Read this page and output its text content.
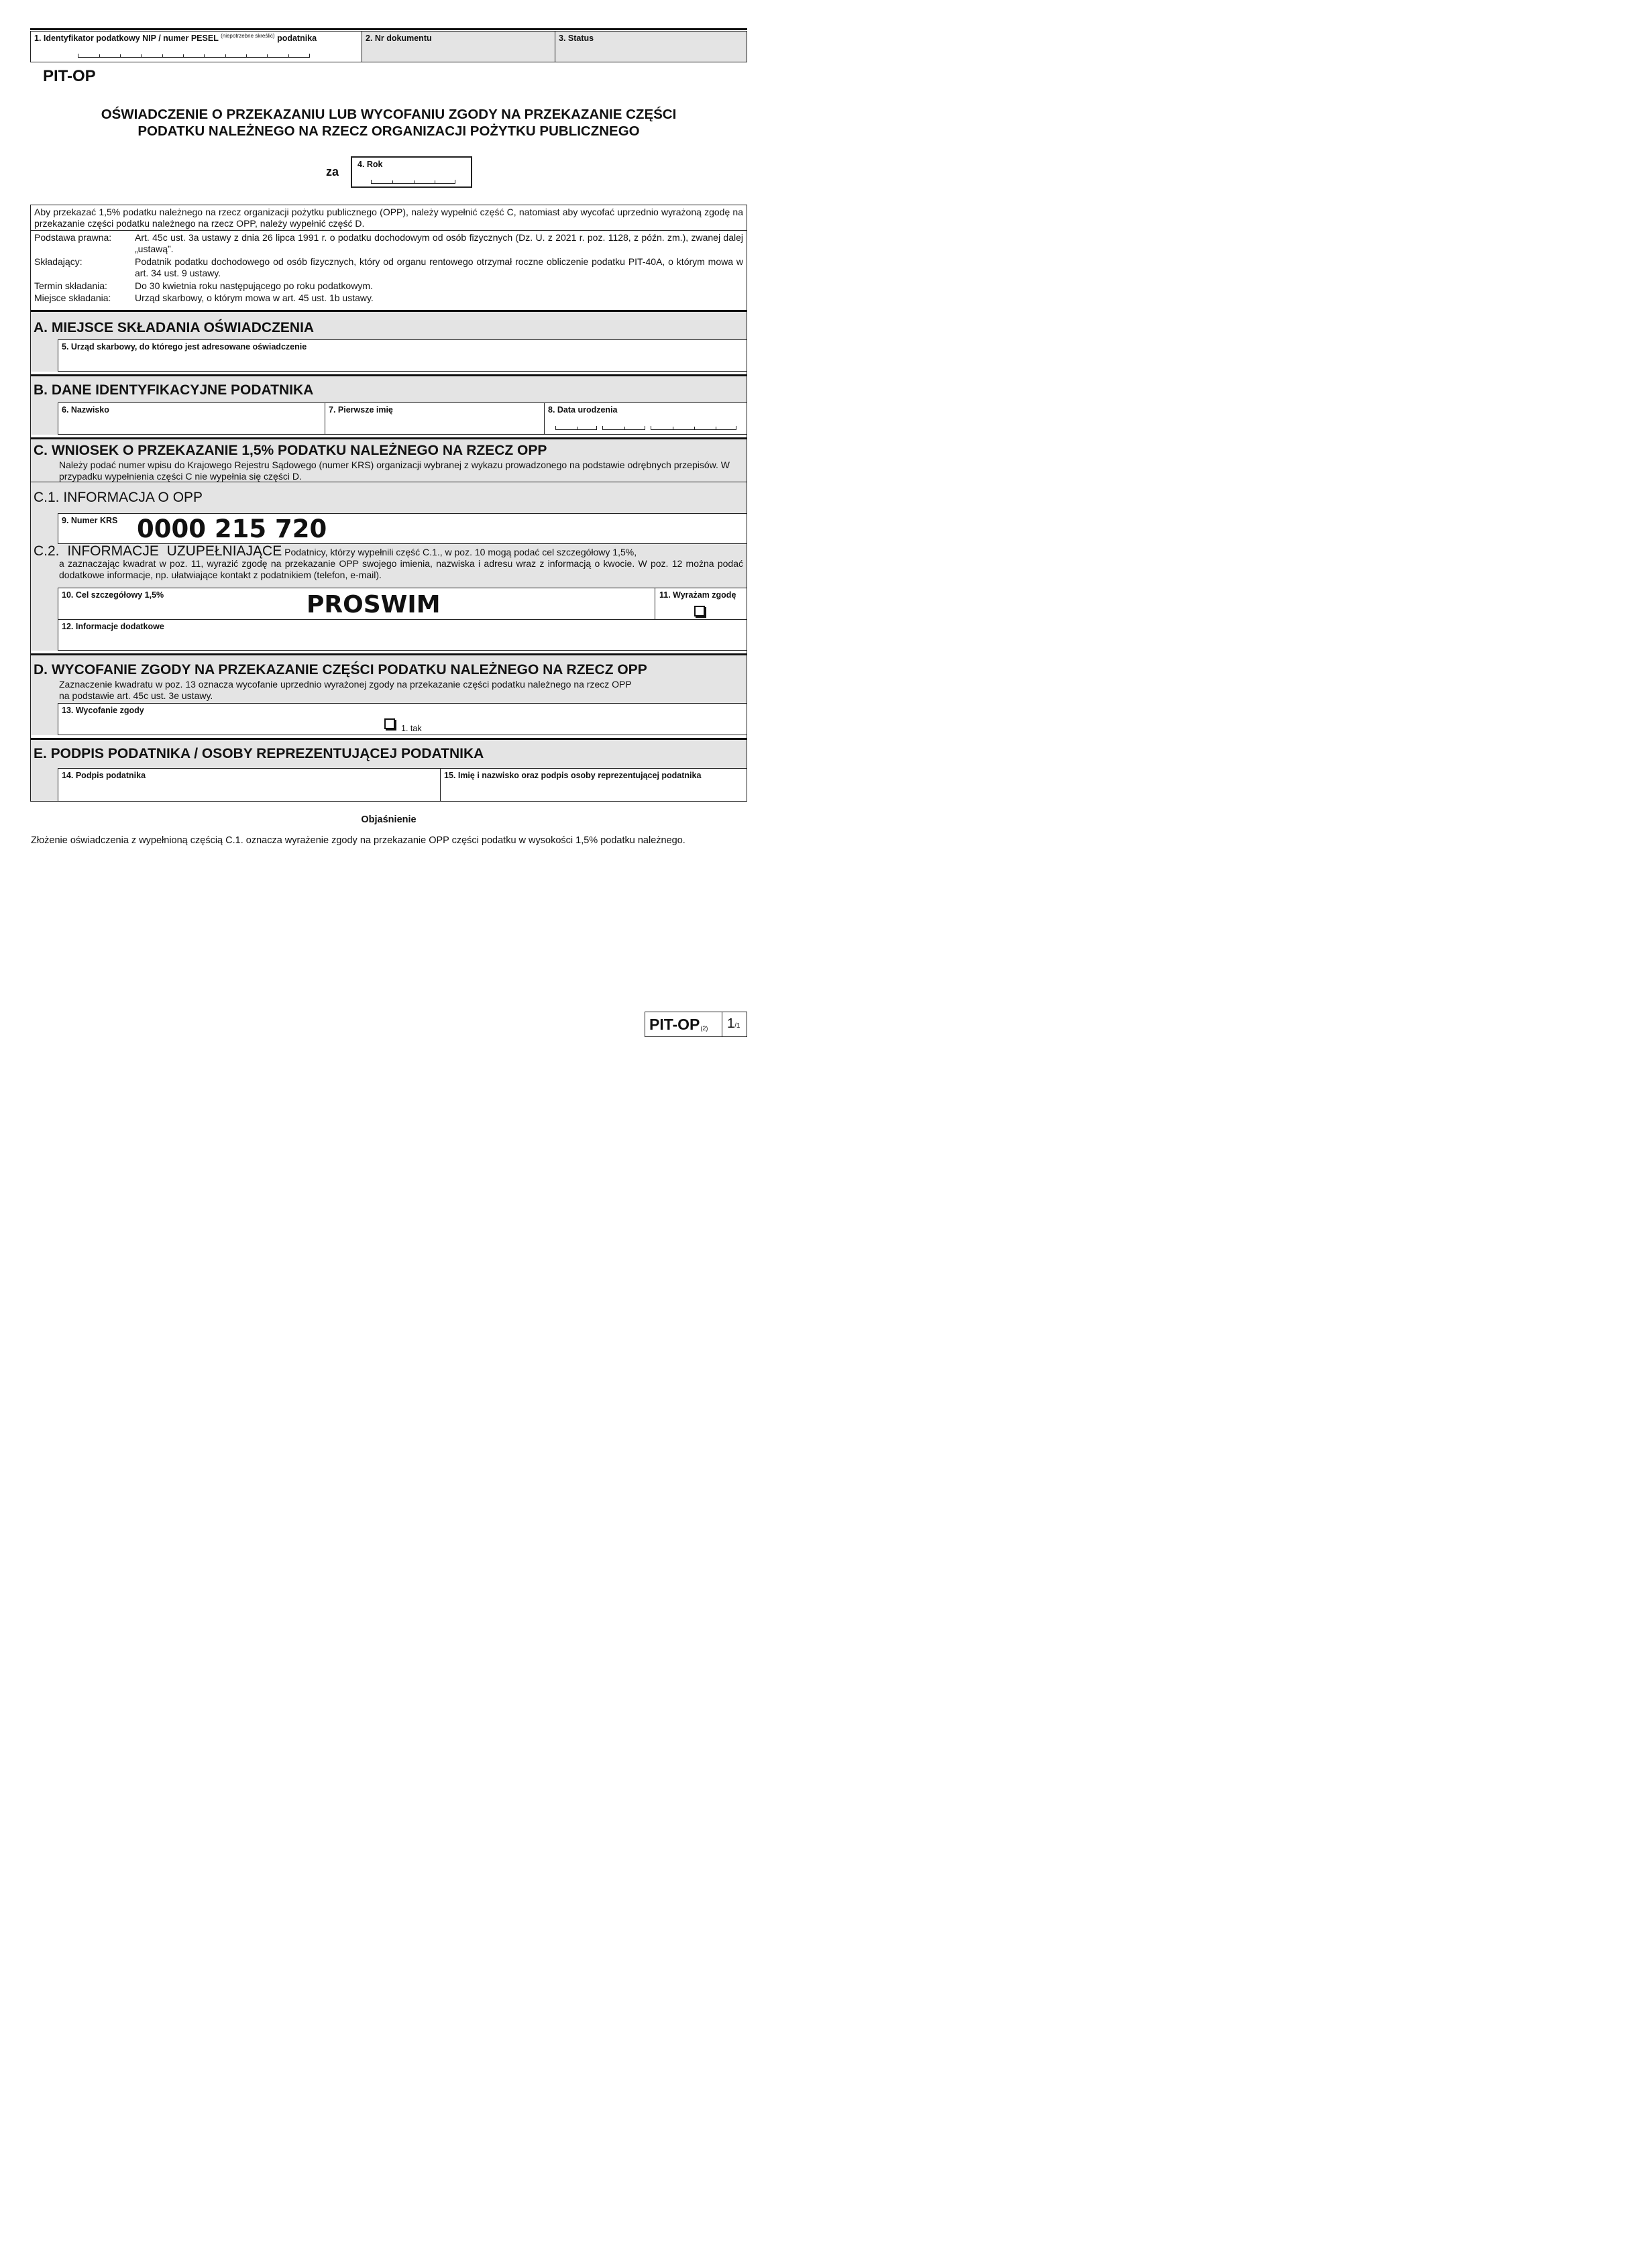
1. Identyfikator podatkowy NIP / numer PESEL $^{(niepotrzebne skreślić)}$ podatnika	2. Nr dokumentu	3. Status
PIT-OP
OŚWIADCZENIE O PRZEKAZANIU LUB WYCOFANIU ZGODY NA PRZEKAZANIE CZĘŚCI
PODATKU NALEŻNEGO NA RZECZ ORGANIZACJI POŻYTKU PUBLICZNEGO
za
4. Rok
Aby przekazać 1,5% podatku należnego na rzecz organizacji pożytku publicznego (OPP), należy wypełnić część C, natomiast aby wycofać uprzednio wyrażoną zgodę na przekazanie części podatku należnego na rzecz OPP, należy wypełnić część D.
Podstawa prawna:	Art. 45c ust. 3a ustawy z dnia 26 lipca 1991 r. o podatku dochodowym od osób fizycznych (Dz. U. z 2021 r. poz. 1128, z późn. zm.), zwanej dalej „ustawą”.
Składający:	Podatnik podatku dochodowego od osób fizycznych, który od organu rentowego otrzymał roczne obliczenie podatku PIT-40A, o którym mowa w art. 34 ust. 9 ustawy.
Termin składania:	Do 30 kwietnia roku następującego po roku podatkowym.
Miejsce składania:	Urząd skarbowy, o którym mowa w art. 45 ust. 1b ustawy.
A. MIEJSCE SKŁADANIA OŚWIADCZENIA
5. Urząd skarbowy, do którego jest adresowane oświadczenie
B. DANE IDENTYFIKACYJNE PODATNIKA
6. Nazwisko	7. Pierwsze imię	8. Data urodzenia
C. WNIOSEK O PRZEKAZANIE 1,5% PODATKU NALEŻNEGO NA RZECZ OPP
Należy podać numer wpisu do Krajowego Rejestru Sądowego (numer KRS) organizacji wybranej z wykazu prowadzonego na podstawie odrębnych przepisów. W przypadku wypełnienia części C nie wypełnia się części D.
C.1. INFORMACJA O OPP
9. Numer KRS 0000 215 720
C.2. INFORMACJE UZUPEŁNIAJĄCE Podatnicy, którzy wypełnili część C.1., w poz. 10 mogą podać cel szczegółowy 1,5%,
a zaznaczając kwadrat w poz. 11, wyrazić zgodę na przekazanie OPP swojego imienia, nazwiska i adresu wraz z informacją o kwocie. W poz. 12 można podać dodatkowe informacje, np. ułatwiające kontakt z podatnikiem (telefon, e-mail).
10. Cel szczegółowy 1,5%	PROSWIM	11. Wyrażam zgodę
12. Informacje dodatkowe
D. WYCOFANIE ZGODY NA PRZEKAZANIE CZĘŚCI PODATKU NALEŻNEGO NA RZECZ OPP
Zaznaczenie kwadratu w poz. 13 oznacza wycofanie uprzednio wyrażonej zgody na przekazanie części podatku należnego na rzecz OPP
na podstawie art. 45c ust. 3e ustawy.
13. Wycofanie zgody
1. tak
E. PODPIS PODATNIKA / OSOBY REPREZENTUJĄCEJ PODATNIKA
14. Podpis podatnika	15. Imię i nazwisko oraz podpis osoby reprezentującej podatnika
Objaśnienie
Złożenie oświadczenia z wypełnioną częścią C.1. oznacza wyrażenie zgody na przekazanie OPP części podatku w wysokości 1,5% podatku należnego.
PIT-OP (2) 1 /1
